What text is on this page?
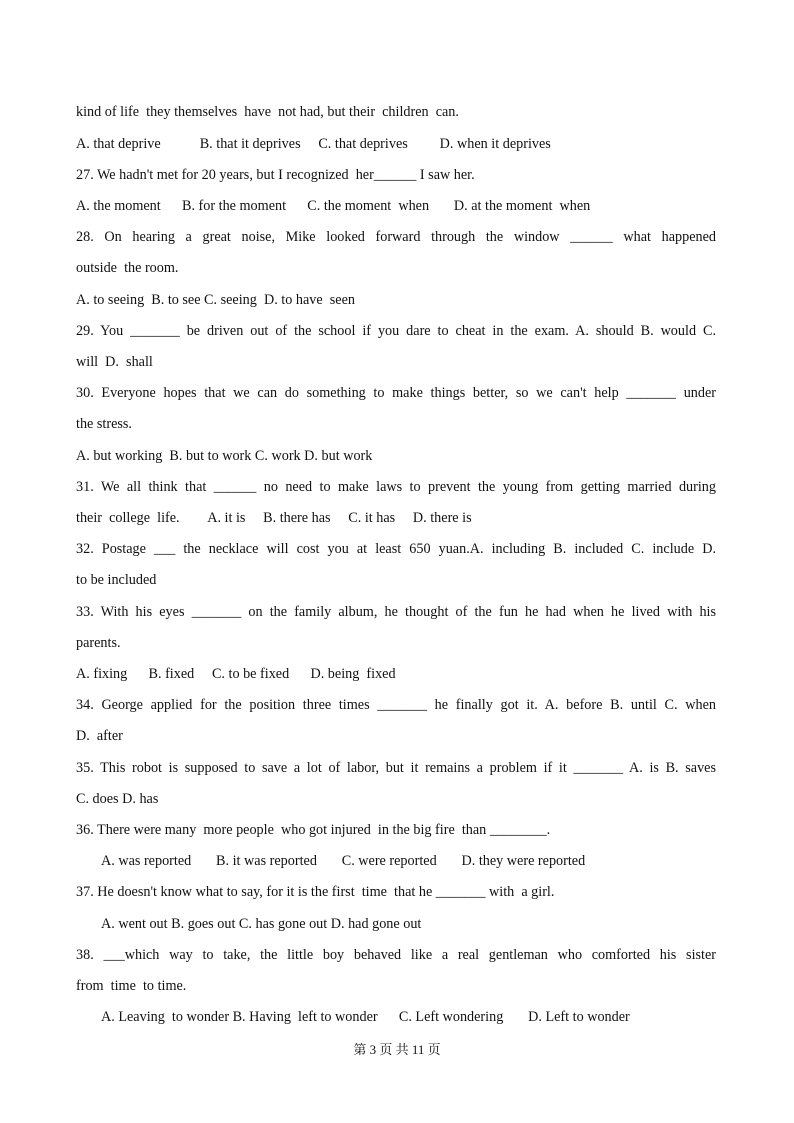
kind of life  they themselves  have  not had, but their  children  can.
A. that deprive           B. that it deprives     C. that deprives         D. when it deprives
27. We hadn't met for 20 years, but I recognized  her______ I saw her.
A. the moment      B. for the moment      C. the moment  when       D. at the moment  when
28. On hearing a great noise, Mike looked forward through the window ______ what happened
outside  the room.
A. to seeing  B. to see C. seeing  D. to have  seen
29. You _______ be driven out of the school if you dare to cheat in the exam. A. should B. would C.
will  D.  shall
30. Everyone hopes that we can do something to make things better, so we can't help _______ under
the stress.
A. but working  B. but to work C. work D. but work
31. We all think that ______ no need to make laws to prevent the young from getting married during
their  college  life.        A. it is     B. there has     C. it has     D. there is
32. Postage ___ the necklace will cost you at least 650 yuan.A. including B. included C. include D.
to be included
33. With his eyes _______ on the family album, he thought of the fun he had when he lived with his
parents.
A. fixing      B. fixed     C. to be fixed      D. being  fixed
34. George applied for the position three times _______ he finally got it. A. before B. until C. when
D.  after
35. This robot is supposed to save a lot of labor, but it remains a problem if it _______ A. is B. saves
C. does D. has
36. There were many  more people  who got injured  in the big fire  than ________.
A. was reported       B. it was reported       C. were reported       D. they were reported
37. He doesn't know what to say, for it is the first  time  that he _______ with  a girl.
A. went out B. goes out C. has gone out D. had gone out
38. ___which way to take, the little boy behaved like a real gentleman who comforted his sister
from  time  to time.
A. Leaving  to wonder B. Having  left to wonder      C. Left wondering       D. Left to wonder
第 3 页 共 11 页
